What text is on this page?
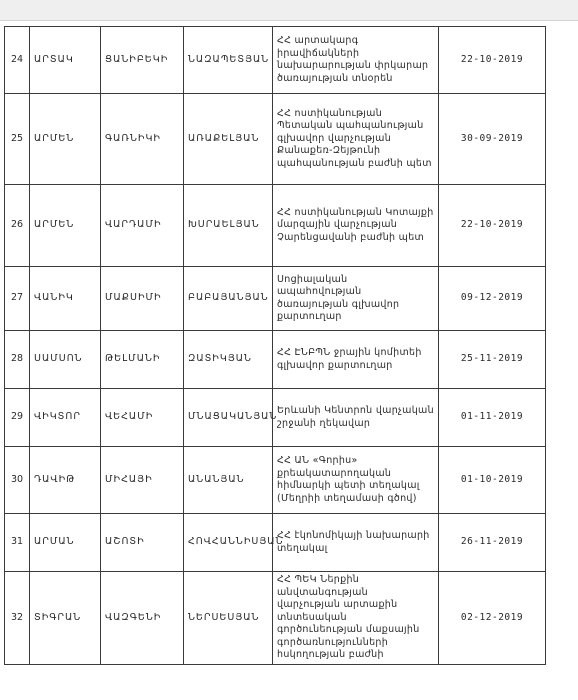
24	ԱՐՏԱԿ	ՑԱՆԻԲԵԿԻ	ՆԱԶԱՊԵՏՅԱՆ	ՀՀ արտակարգ իրավիճակների նախարարության փրկարար ծառայության տնօրեն	22-10-2019
25	ԱՐՄԵՆ	ԳԱՌՆԻԿԻ	ԱՌԱՔԵԼՅԱՆ	ՀՀ ոստիկանության Պետական պահպանության գլխավոր վարչության Քանաքեռ-Զեյթունի պահպանության բաժնի պետ	30-09-2019
26	ԱՐՄԵՆ	ՎԱՐԴԱՄԻ	ԽՍՐԱԵԼՅԱՆ	ՀՀ ոստիկանության Կոտայքի մարզային վարչության Չարենցավանի բաժնի պետ	22-10-2019
27	ՎԱՆԻԿ	ՄԱՔՍԻՄԻ	ԲԱԲԱՅԱՆՅԱՆ	Սոցիալական ապահովության ծառայության գլխավոր քարտուղար	09-12-2019
28	ՍԱՄՍՈՆ	ԹԵԼՄԱՆԻ	ԶԱՏԻԿՅԱՆ	ՀՀ ԷՆԲՊՆ ջրային կոմիտեի գլխավոր քարտուղար	25-11-2019
29	ՎԻԿՏՈՐ	ՎԵՀԱՄԻ	ՄՆԱՑԱԿԱՆՅԱՆ	Երևանի Կենտրոն վարչական շրջանի ղեկավար	01-11-2019
30	ԴԱՎԻԹ	ՄԻՀԱՅԻ	ԱՆԱՆՅԱՆ	ՀՀ ԱՆ «Գորիս» քրեակատարողական հիմնարկի պետի տեղակալ (Մեղրիի տեղամասի գծով)	01-10-2019
31	ԱՐՄԱՆ	ԱՇՈՏԻ	ՀՈՎՀԱՆՆԻՍՅԱՆ	ՀՀ էկոնոմիկայի նախարարի տեղակալ	26-11-2019
32	ՏԻԳՐԱՆ	ՎԱԶԳԵՆԻ	ՆԵՐՍԵՍՅԱՆ	ՀՀ ՊԵԿ Ներքին անվտանգության վարչության արտաքին տնտեսական գործունեության մաքսային գործառնությունների հսկողության բաժնի	02-12-2019
